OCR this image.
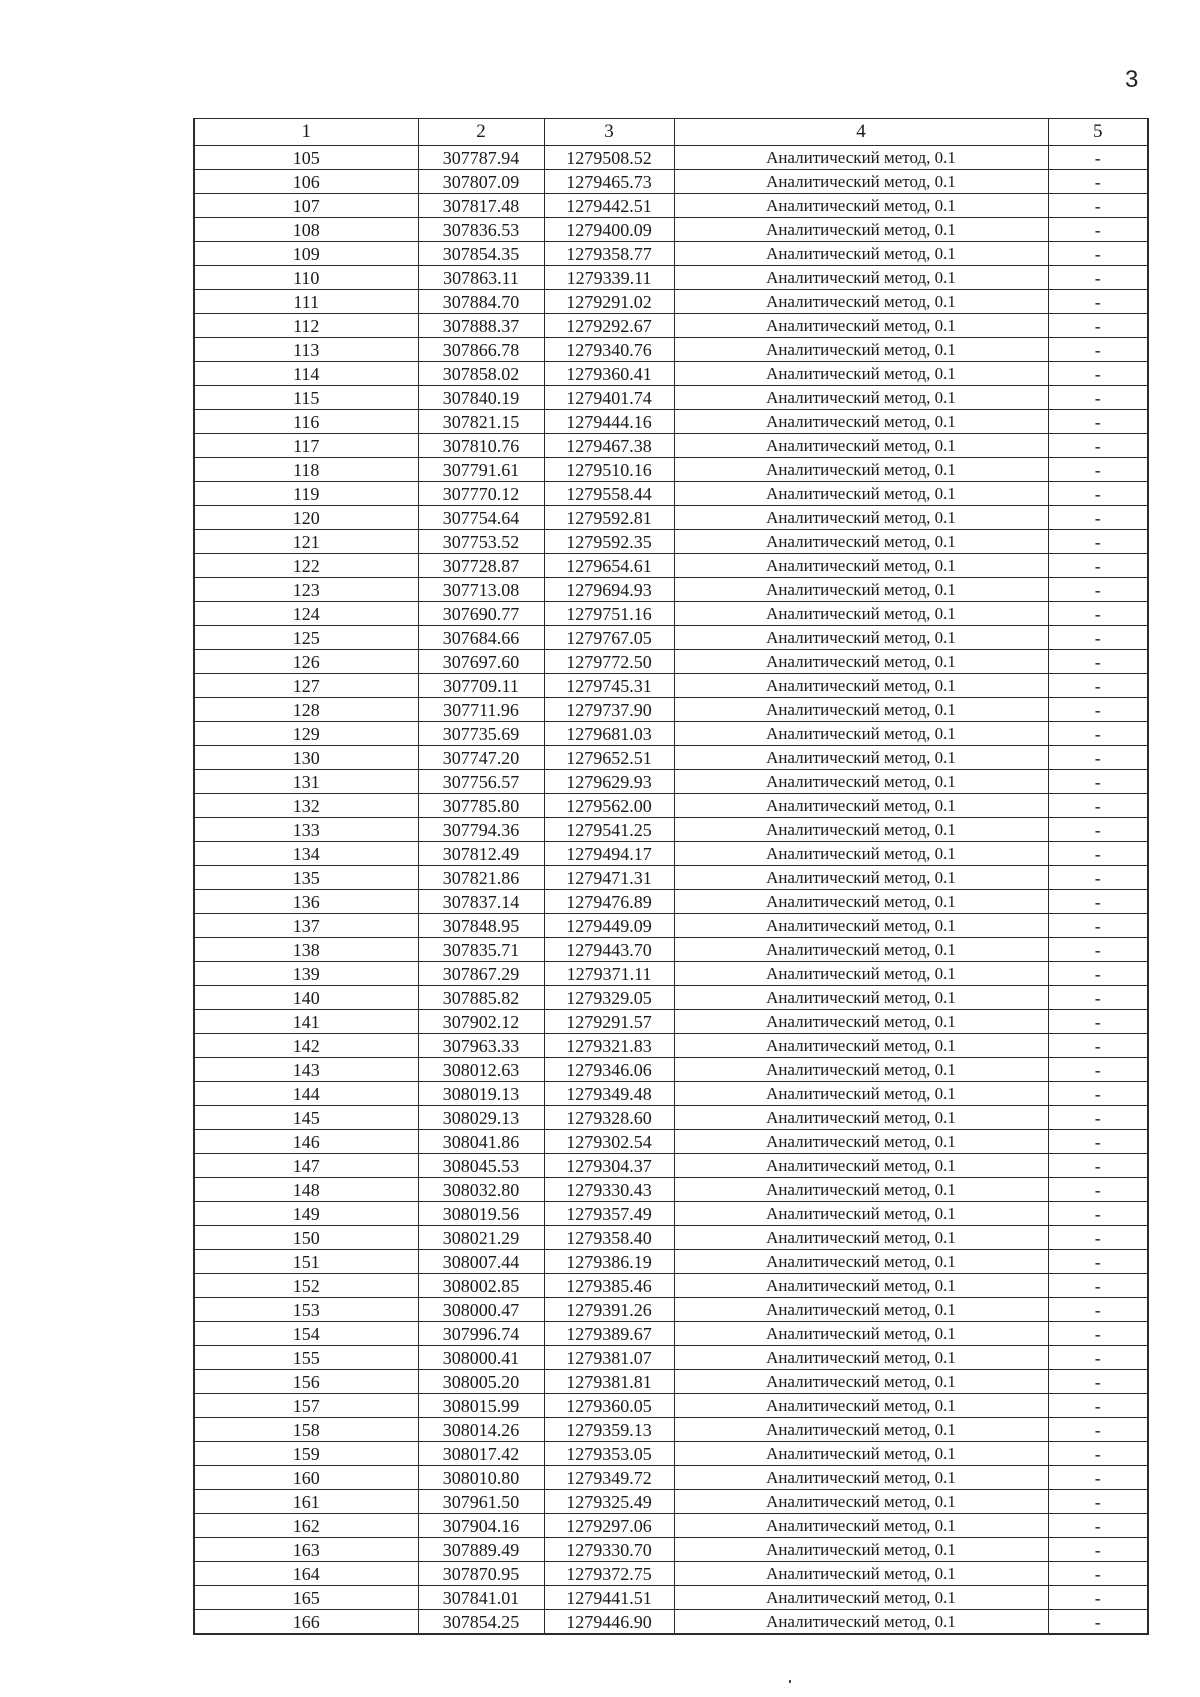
3
1	2	3	4	5
105	307787.94	1279508.52	Аналитический метод, 0.1	-
106	307807.09	1279465.73	Аналитический метод, 0.1	-
107	307817.48	1279442.51	Аналитический метод, 0.1	-
108	307836.53	1279400.09	Аналитический метод, 0.1	-
109	307854.35	1279358.77	Аналитический метод, 0.1	-
110	307863.11	1279339.11	Аналитический метод, 0.1	-
111	307884.70	1279291.02	Аналитический метод, 0.1	-
112	307888.37	1279292.67	Аналитический метод, 0.1	-
113	307866.78	1279340.76	Аналитический метод, 0.1	-
114	307858.02	1279360.41	Аналитический метод, 0.1	-
115	307840.19	1279401.74	Аналитический метод, 0.1	-
116	307821.15	1279444.16	Аналитический метод, 0.1	-
117	307810.76	1279467.38	Аналитический метод, 0.1	-
118	307791.61	1279510.16	Аналитический метод, 0.1	-
119	307770.12	1279558.44	Аналитический метод, 0.1	-
120	307754.64	1279592.81	Аналитический метод, 0.1	-
121	307753.52	1279592.35	Аналитический метод, 0.1	-
122	307728.87	1279654.61	Аналитический метод, 0.1	-
123	307713.08	1279694.93	Аналитический метод, 0.1	-
124	307690.77	1279751.16	Аналитический метод, 0.1	-
125	307684.66	1279767.05	Аналитический метод, 0.1	-
126	307697.60	1279772.50	Аналитический метод, 0.1	-
127	307709.11	1279745.31	Аналитический метод, 0.1	-
128	307711.96	1279737.90	Аналитический метод, 0.1	-
129	307735.69	1279681.03	Аналитический метод, 0.1	-
130	307747.20	1279652.51	Аналитический метод, 0.1	-
131	307756.57	1279629.93	Аналитический метод, 0.1	-
132	307785.80	1279562.00	Аналитический метод, 0.1	-
133	307794.36	1279541.25	Аналитический метод, 0.1	-
134	307812.49	1279494.17	Аналитический метод, 0.1	-
135	307821.86	1279471.31	Аналитический метод, 0.1	-
136	307837.14	1279476.89	Аналитический метод, 0.1	-
137	307848.95	1279449.09	Аналитический метод, 0.1	-
138	307835.71	1279443.70	Аналитический метод, 0.1	-
139	307867.29	1279371.11	Аналитический метод, 0.1	-
140	307885.82	1279329.05	Аналитический метод, 0.1	-
141	307902.12	1279291.57	Аналитический метод, 0.1	-
142	307963.33	1279321.83	Аналитический метод, 0.1	-
143	308012.63	1279346.06	Аналитический метод, 0.1	-
144	308019.13	1279349.48	Аналитический метод, 0.1	-
145	308029.13	1279328.60	Аналитический метод, 0.1	-
146	308041.86	1279302.54	Аналитический метод, 0.1	-
147	308045.53	1279304.37	Аналитический метод, 0.1	-
148	308032.80	1279330.43	Аналитический метод, 0.1	-
149	308019.56	1279357.49	Аналитический метод, 0.1	-
150	308021.29	1279358.40	Аналитический метод, 0.1	-
151	308007.44	1279386.19	Аналитический метод, 0.1	-
152	308002.85	1279385.46	Аналитический метод, 0.1	-
153	308000.47	1279391.26	Аналитический метод, 0.1	-
154	307996.74	1279389.67	Аналитический метод, 0.1	-
155	308000.41	1279381.07	Аналитический метод, 0.1	-
156	308005.20	1279381.81	Аналитический метод, 0.1	-
157	308015.99	1279360.05	Аналитический метод, 0.1	-
158	308014.26	1279359.13	Аналитический метод, 0.1	-
159	308017.42	1279353.05	Аналитический метод, 0.1	-
160	308010.80	1279349.72	Аналитический метод, 0.1	-
161	307961.50	1279325.49	Аналитический метод, 0.1	-
162	307904.16	1279297.06	Аналитический метод, 0.1	-
163	307889.49	1279330.70	Аналитический метод, 0.1	-
164	307870.95	1279372.75	Аналитический метод, 0.1	-
165	307841.01	1279441.51	Аналитический метод, 0.1	-
166	307854.25	1279446.90	Аналитический метод, 0.1	-
